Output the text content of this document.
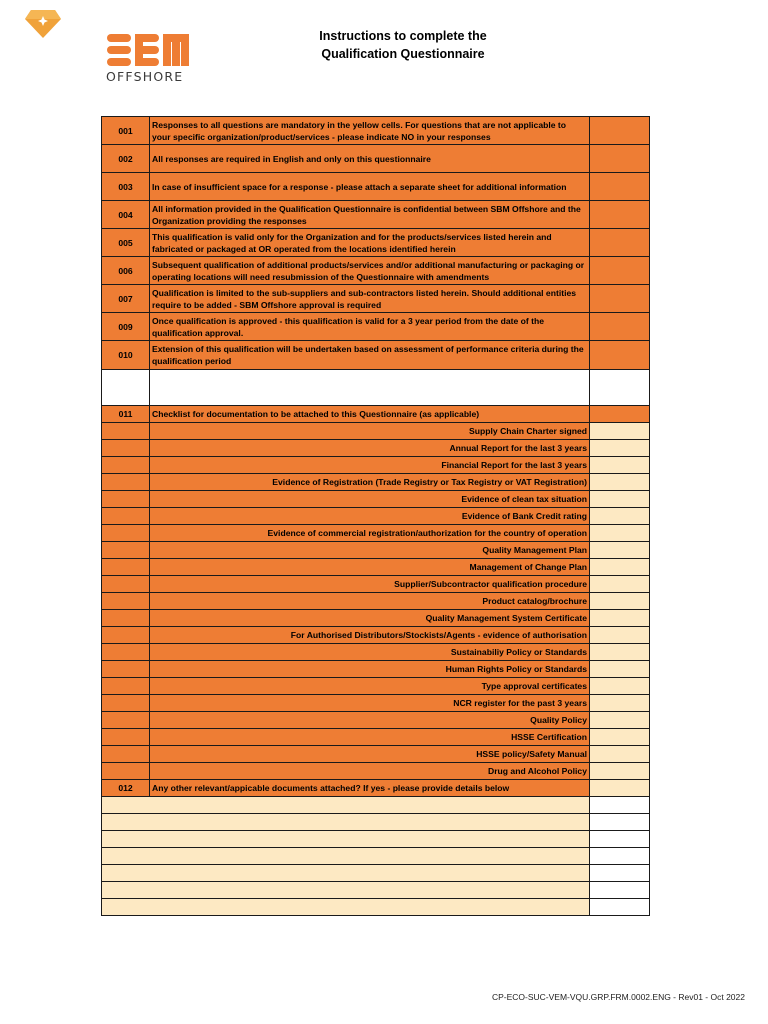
OFFSHORE
Instructions to complete the
Qualification Questionnaire
001	Responses to all questions are mandatory in the yellow cells. For questions that are not applicable to your specific organization/product/services - please indicate NO in your responses	
002	All responses are required in English and only on this questionnaire	
003	In case of insufficient space for a response - please attach a separate sheet for additional information	
004	All information provided in the Qualification Questionnaire is confidential between SBM Offshore and the Organization providing the responses	
005	This qualification is valid only for the Organization and for the products/services listed herein and fabricated or packaged at OR operated from the locations identified herein	
006	Subsequent qualification of additional products/services and/or additional manufacturing or packaging or operating locations will need resubmission of the Questionnaire with amendments	
007	Qualification is limited to the sub-suppliers and sub-contractors listed herein. Should additional entities require to be added - SBM Offshore approval is required	
009	Once qualification is approved - this qualification is valid for a 3 year period from the date of the qualification approval.	
010	Extension of this qualification will be undertaken based on assessment of performance criteria during the qualification period	

011	Checklist for documentation to be attached to this Questionnaire (as applicable)	
	Supply Chain Charter signed	
	Annual Report for the last 3 years	
	Financial Report for the last 3 years	
	Evidence of Registration (Trade Registry or Tax Registry or VAT Registration)	
	Evidence of clean tax situation	
	Evidence of Bank Credit rating	
	Evidence of commercial registration/authorization for the country of operation	
	Quality Management Plan	
	Management of Change Plan	
	Supplier/Subcontractor qualification procedure	
	Product catalog/brochure	
	Quality Management System Certificate	
	For Authorised Distributors/Stockists/Agents - evidence of authorisation	
	Sustainabiliy Policy or Standards	
	Human Rights Policy or Standards	
	Type approval certificates	
	NCR register for the past 3 years	
	Quality Policy	
	HSSE Certification	
	HSSE policy/Safety Manual	
	Drug and Alcohol Policy	
012	Any other relevant/appicable documents attached? If yes - please provide details below	

CP-ECO-SUC-VEM-VQU.GRP.FRM.0002.ENG - Rev01 - Oct 2022
